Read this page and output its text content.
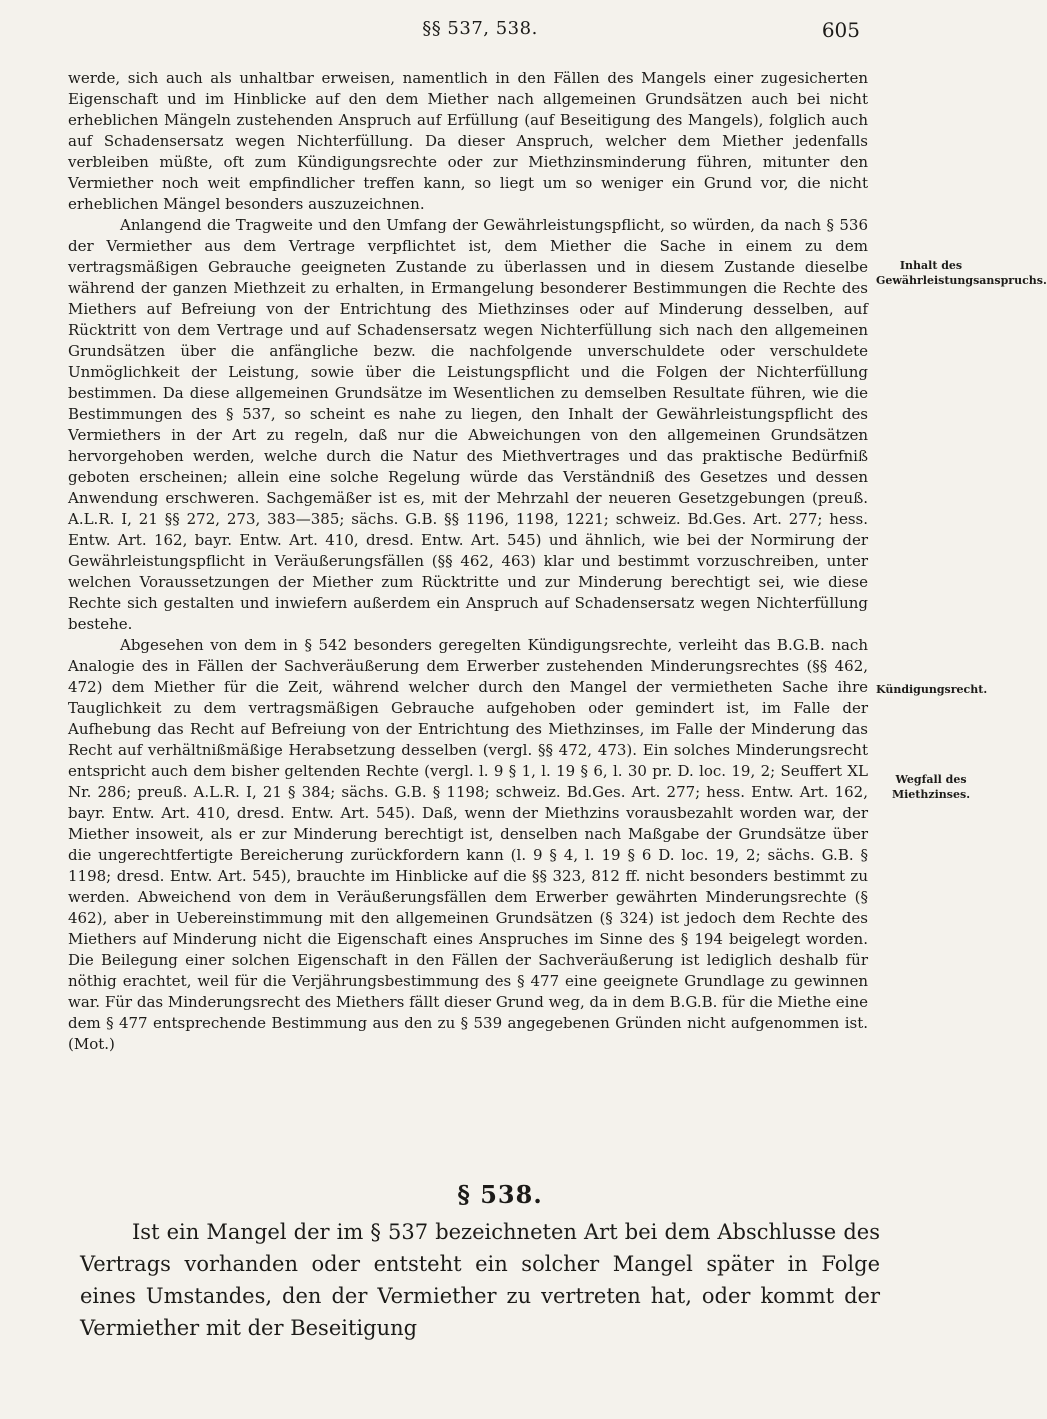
§§ 537, 538.	605

werde, sich auch als unhaltbar erweisen, namentlich in den Fällen des Mangels einer zugesicherten Eigenschaft und im Hinblicke auf den dem Miether nach allgemeinen Grundsätzen auch bei nicht erheblichen Mängeln zustehenden Anspruch auf Erfüllung (auf Beseitigung des Mangels), folglich auch auf Schadensersatz wegen Nichterfüllung. Da dieser Anspruch, welcher dem Miether jedenfalls verbleiben müßte, oft zum Kündigungsrechte oder zur Miethzinsminderung führen, mitunter den Vermiether noch weit empfindlicher treffen kann, so liegt um so weniger ein Grund vor, die nicht erheblichen Mängel besonders auszuzeichnen.

Anlangend die Tragweite und den Umfang der Gewährleistungspflicht, so würden, da nach § 536 der Vermiether aus dem Vertrage verpflichtet ist, dem Miether die Sache in einem zu dem vertragsmäßigen Gebrauche geeigneten Zustande zu überlassen und in diesem Zustande dieselbe während der ganzen Miethzeit zu erhalten, in Ermangelung besonderer Bestimmungen die Rechte des Miethers auf Befreiung von der Entrichtung des Miethzinses oder auf Minderung desselben, auf Rücktritt von dem Vertrage und auf Schadensersatz wegen Nichterfüllung sich nach den allgemeinen Grundsätzen über die anfängliche bezw. die nachfolgende unverschuldete oder verschuldete Unmöglichkeit der Leistung, sowie über die Leistungspflicht und die Folgen der Nichterfüllung bestimmen. Da diese allgemeinen Grundsätze im Wesentlichen zu demselben Resultate führen, wie die Bestimmungen des § 537, so scheint es nahe zu liegen, den Inhalt der Gewährleistungspflicht des Vermiethers in der Art zu regeln, daß nur die Abweichungen von den allgemeinen Grundsätzen hervorgehoben werden, welche durch die Natur des Miethvertrages und das praktische Bedürfniß geboten erscheinen; allein eine solche Regelung würde das Verständniß des Gesetzes und dessen Anwendung erschweren. Sachgemäßer ist es, mit der Mehrzahl der neueren Gesetzgebungen (preuß. A.L.R. I, 21 §§ 272, 273, 383—385; sächs. G.B. §§ 1196, 1198, 1221; schweiz. Bd.Ges. Art. 277; hess. Entw. Art. 162, bayr. Entw. Art. 410, dresd. Entw. Art. 545) und ähnlich, wie bei der Normirung der Gewährleistungspflicht in Veräußerungsfällen (§§ 462, 463) klar und bestimmt vorzuschreiben, unter welchen Voraussetzungen der Miether zum Rücktritte und zur Minderung berechtigt sei, wie diese Rechte sich gestalten und inwiefern außerdem ein Anspruch auf Schadensersatz wegen Nichterfüllung bestehe.

Abgesehen von dem in § 542 besonders geregelten Kündigungsrechte, verleiht das B.G.B. nach Analogie des in Fällen der Sachveräußerung dem Erwerber zustehenden Minderungsrechtes (§§ 462, 472) dem Miether für die Zeit, während welcher durch den Mangel der vermietheten Sache ihre Tauglichkeit zu dem vertragsmäßigen Gebrauche aufgehoben oder gemindert ist, im Falle der Aufhebung das Recht auf Befreiung von der Entrichtung des Miethzinses, im Falle der Minderung das Recht auf verhältnißmäßige Herabsetzung desselben (vergl. §§ 472, 473). Ein solches Minderungsrecht entspricht auch dem bisher geltenden Rechte (vergl. l. 9 § 1, l. 19 § 6, l. 30 pr. D. loc. 19, 2; Seuffert XL Nr. 286; preuß. A.L.R. I, 21 § 384; sächs. G.B. § 1198; schweiz. Bd.Ges. Art. 277; hess. Entw. Art. 162, bayr. Entw. Art. 410, dresd. Entw. Art. 545). Daß, wenn der Miethzins vorausbezahlt worden war, der Miether insoweit, als er zur Minderung berechtigt ist, denselben nach Maßgabe der Grundsätze über die ungerechtfertigte Bereicherung zurückfordern kann (l. 9 § 4, l. 19 § 6 D. loc. 19, 2; sächs. G.B. § 1198; dresd. Entw. Art. 545), brauchte im Hinblicke auf die §§ 323, 812 ff. nicht besonders bestimmt zu werden. Abweichend von dem in Veräußerungsfällen dem Erwerber gewährten Minderungsrechte (§ 462), aber in Uebereinstimmung mit den allgemeinen Grundsätzen (§ 324) ist jedoch dem Rechte des Miethers auf Minderung nicht die Eigenschaft eines Anspruches im Sinne des § 194 beigelegt worden. Die Beilegung einer solchen Eigenschaft in den Fällen der Sachveräußerung ist lediglich deshalb für nöthig erachtet, weil für die Verjährungsbestimmung des § 477 eine geeignete Grundlage zu gewinnen war. Für das Minderungsrecht des Miethers fällt dieser Grund weg, da in dem B.G.B. für die Miethe eine dem § 477 entsprechende Bestimmung aus den zu § 539 angegebenen Gründen nicht aufgenommen ist. (Mot.)

Inhalt des Gewährleistungsanspruchs.
Kündigungsrecht.
Wegfall des Miethzinses.
§ 538.
Ist ein Mangel der im § 537 bezeichneten Art bei dem Abschlusse des Vertrags vorhanden oder entsteht ein solcher Mangel später in Folge eines Umstandes, den der Vermiether zu vertreten hat, oder kommt der Vermiether mit der Beseitigung
